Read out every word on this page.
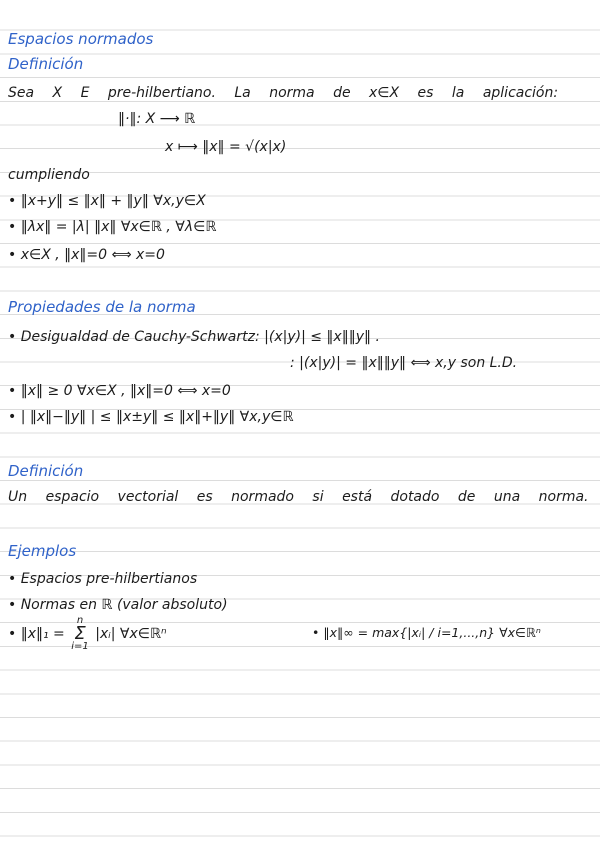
Espacios normados
Definición
Sea X E pre-hilbertiano. La norma de x∈X es la aplicación:
‖·‖: X ⟶ ℝ
x ⟼ ‖x‖ = √(x|x)
cumpliendo
• ‖x+y‖ ≤ ‖x‖ + ‖y‖ ∀x,y∈X
• ‖λx‖ = |λ| ‖x‖ ∀x∈ℝ , ∀λ∈ℝ
• x∈X , ‖x‖=0 ⟺ x=0
Propiedades de la norma
• Desigualdad de Cauchy-Schwartz: |(x|y)| ≤ ‖x‖‖y‖ .
: |(x|y)| = ‖x‖‖y‖ ⟺ x,y son L.D.
• ‖x‖ ≥ 0 ∀x∈X , ‖x‖=0 ⟺ x=0
• | ‖x‖−‖y‖ | ≤ ‖x±y‖ ≤ ‖x‖+‖y‖ ∀x,y∈ℝ
Definición
Un espacio vectorial es normado si está dotado de una norma.
Ejemplos
• Espacios pre-hilbertianos
• Normas en ℝ (valor absoluto)
• ‖x‖₁ = n
Σ
i=1 |xᵢ| ∀x∈ℝⁿ	• ‖x‖∞ = max{|xᵢ| / i=1,...,n} ∀x∈ℝⁿ
